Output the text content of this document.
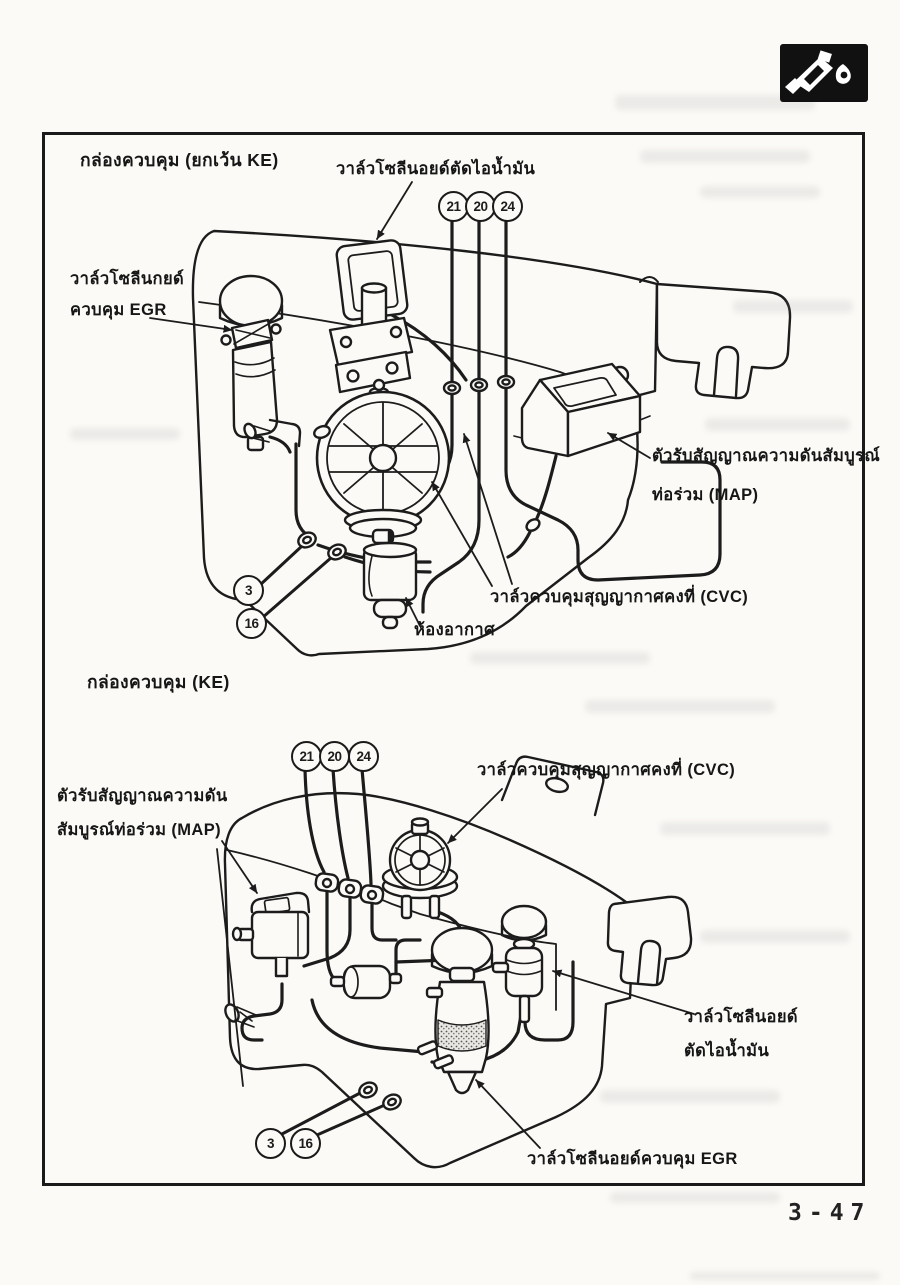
กล่องควบคุม (ยกเว้น KE)	วาล์วโซลีนอยด์ตัดไอน้ำมัน
วาล์วโซลีนกยด์
ควบคุม EGR
ตัวรับสัญญาณความดันสัมบูรณ์
ท่อร่วม (MAP)
วาล์วควบคุมสุญญากาศคงที่ (CVC)
ห้องอากาศ
กล่องควบคุม (KE)
วาล์วควบคุมสุญญากาศคงที่ (CVC)
ตัวรับสัญญาณความดัน
สัมบูรณ์ท่อร่วม (MAP)
วาล์วโซลีนอยด์
ตัดไอน้ำมัน
วาล์วโซลีนอยด์ควบคุม EGR
21 20 24
3
16
21	20	24
3	16
3-47
